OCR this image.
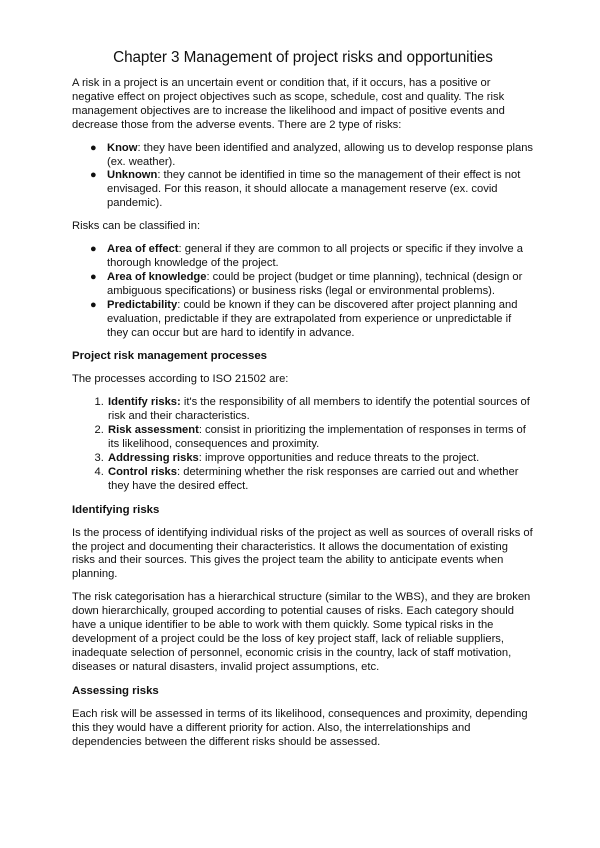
Chapter 3 Management of project risks and opportunities

A risk in a project is an uncertain event or condition that, if it occurs, has a positive or negative effect on project objectives such as scope, schedule, cost and quality. The risk management objectives are to increase the likelihood and impact of positive events and decrease those from the adverse events. There are 2 type of risks:

● Know: they have been identified and analyzed, allowing us to develop response plans (ex. weather).
● Unknown: they cannot be identified in time so the management of their effect is not envisaged. For this reason, it should allocate a management reserve (ex. covid pandemic).

Risks can be classified in:

● Area of effect: general if they are common to all projects or specific if they involve a thorough knowledge of the project.
● Area of knowledge: could be project (budget or time planning), technical (design or ambiguous specifications) or business risks (legal or environmental problems).
● Predictability: could be known if they can be discovered after project planning and evaluation, predictable if they are extrapolated from experience or unpredictable if they can occur but are hard to identify in advance.
Project risk management processes

The processes according to ISO 21502 are:

1. Identify risks: it's the responsibility of all members to identify the potential sources of risk and their characteristics.
2. Risk assessment: consist in prioritizing the implementation of responses in terms of its likelihood, consequences and proximity.
3. Addressing risks: improve opportunities and reduce threats to the project.
4. Control risks: determining whether the risk responses are carried out and whether they have the desired effect.
Identifying risks

Is the process of identifying individual risks of the project as well as sources of overall risks of the project and documenting their characteristics. It allows the documentation of existing risks and their sources. This gives the project team the ability to anticipate events when planning.

The risk categorisation has a hierarchical structure (similar to the WBS), and they are broken down hierarchically, grouped according to potential causes of risks. Each category should have a unique identifier to be able to work with them quickly. Some typical risks in the development of a project could be the loss of key project staff, lack of reliable suppliers, inadequate selection of personnel, economic crisis in the country, lack of staff motivation, diseases or natural disasters, invalid project assumptions, etc.

Assessing risks

Each risk will be assessed in terms of its likelihood, consequences and proximity, depending this they would have a different priority for action. Also, the interrelationships and dependencies between the different risks should be assessed.
